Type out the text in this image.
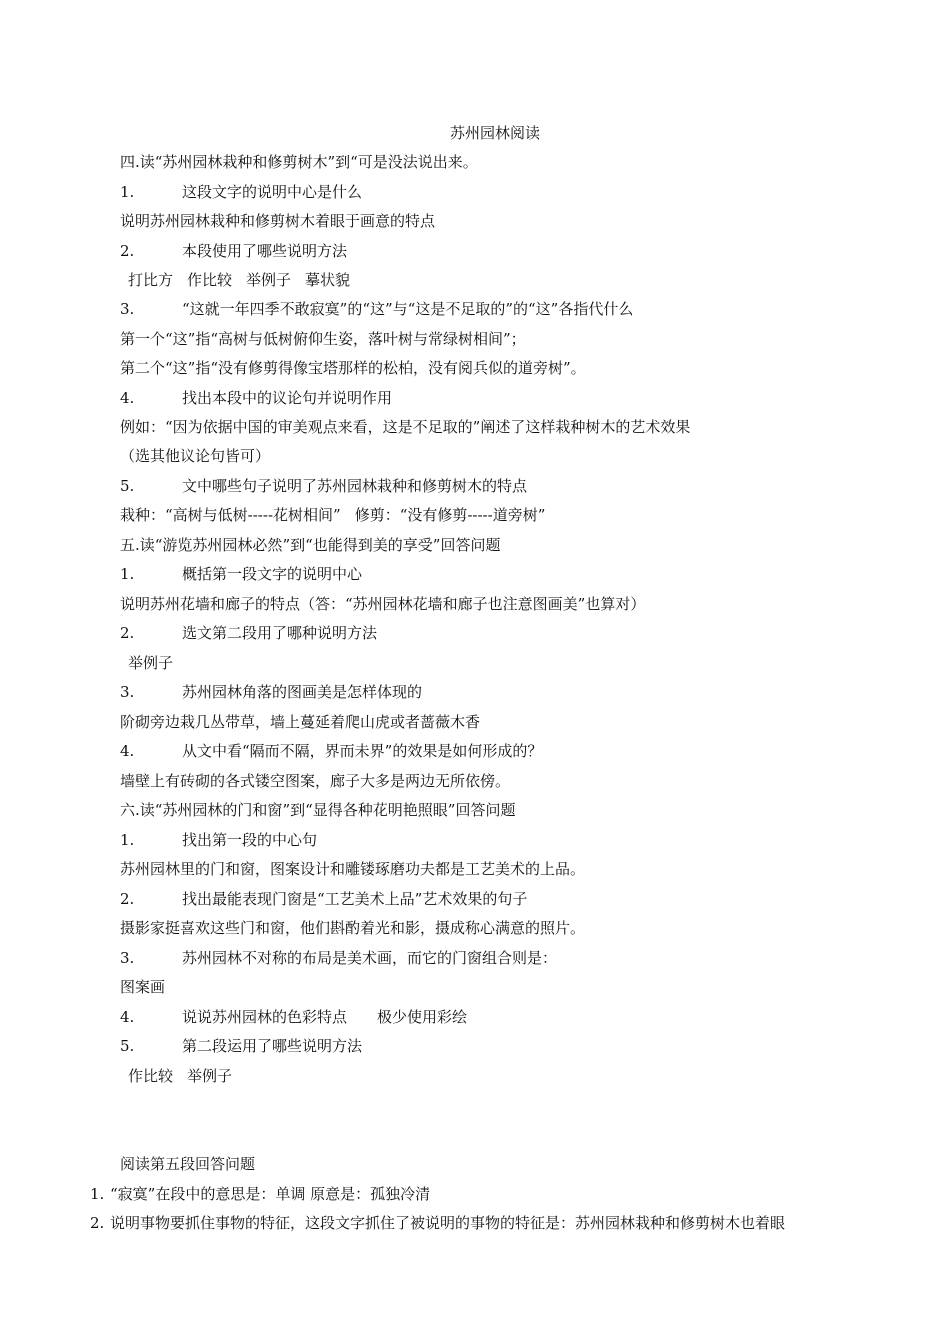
苏州园林阅读
四.读“苏州园林栽种和修剪树木”到“可是没法说出来。
1.	这段文字的说明中心是什么
说明苏州园林栽种和修剪树木着眼于画意的特点
2.	本段使用了哪些说明方法
打比方 作比较 举例子 摹状貌
3.	“这就一年四季不敢寂寞”的“这”与“这是不足取的”的“这”各指代什么
第一个“这”指“高树与低树俯仰生姿，落叶树与常绿树相间”；
第二个“这”指“没有修剪得像宝塔那样的松柏，没有阅兵似的道旁树”。
4.	找出本段中的议论句并说明作用
例如：“因为依据中国的审美观点来看，这是不足取的”阐述了这样栽种树木的艺术效果
（选其他议论句皆可）
5.	文中哪些句子说明了苏州园林栽种和修剪树木的特点
栽种：“高树与低树-----花树相间” 修剪：“没有修剪-----道旁树”
五.读“游览苏州园林必然”到“也能得到美的享受”回答问题
1.	概括第一段文字的说明中心
说明苏州花墙和廊子的特点（答：“苏州园林花墙和廊子也注意图画美”也算对）
2.	选文第二段用了哪种说明方法
举例子
3.	苏州园林角落的图画美是怎样体现的
阶砌旁边栽几丛带草，墙上蔓延着爬山虎或者蔷薇木香
4.	从文中看“隔而不隔，界而未界”的效果是如何形成的？
墙壁上有砖砌的各式镂空图案，廊子大多是两边无所依傍。
六.读“苏州园林的门和窗”到“显得各种花明艳照眼”回答问题
1.	找出第一段的中心句
苏州园林里的门和窗，图案设计和雕镂琢磨功夫都是工艺美术的上品。
2.	找出最能表现门窗是“工艺美术上品”艺术效果的句子
摄影家挺喜欢这些门和窗，他们斟酌着光和影，摄成称心满意的照片。
3.	苏州园林不对称的布局是美术画，而它的门窗组合则是：
图案画
4.	说说苏州园林的色彩特点 极少使用彩绘
5.	第二段运用了哪些说明方法
作比较 举例子
阅读第五段回答问题
1. “寂寞”在段中的意思是：单调 原意是：孤独冷清
2. 说明事物要抓住事物的特征，这段文字抓住了被说明的事物的特征是：苏州园林栽种和修剪树木也着眼
